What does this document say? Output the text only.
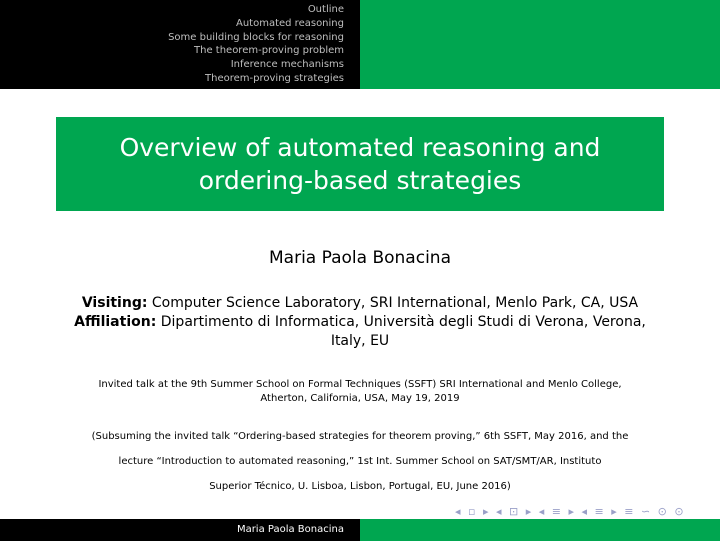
Outline
Automated reasoning
Some building blocks for reasoning
The theorem-proving problem
Inference mechanisms
Theorem-proving strategies
Overview of automated reasoning and
ordering-based strategies
Maria Paola Bonacina
Visiting: Computer Science Laboratory, SRI International, Menlo Park, CA, USA
Affiliation: Dipartimento di Informatica, Università degli Studi di Verona, Verona, Italy, EU
Invited talk at the 9th Summer School on Formal Techniques (SSFT) SRI International and Menlo College,
Atherton, California, USA, May 19, 2019
(Subsuming the invited talk “Ordering-based strategies for theorem proving,” 6th SSFT, May 2016, and the
lecture “Introduction to automated reasoning,” 1st Int. Summer School on SAT/SMT/AR, Instituto
Superior Técnico, U. Lisboa, Lisbon, Portugal, EU, June 2016)
◂ ▫ ▸ ◂ ⊡ ▸ ◂ ≡ ▸ ◂ ≡ ▸ ≡ ∽ ⊙ ⊙
Maria Paola Bonacina
